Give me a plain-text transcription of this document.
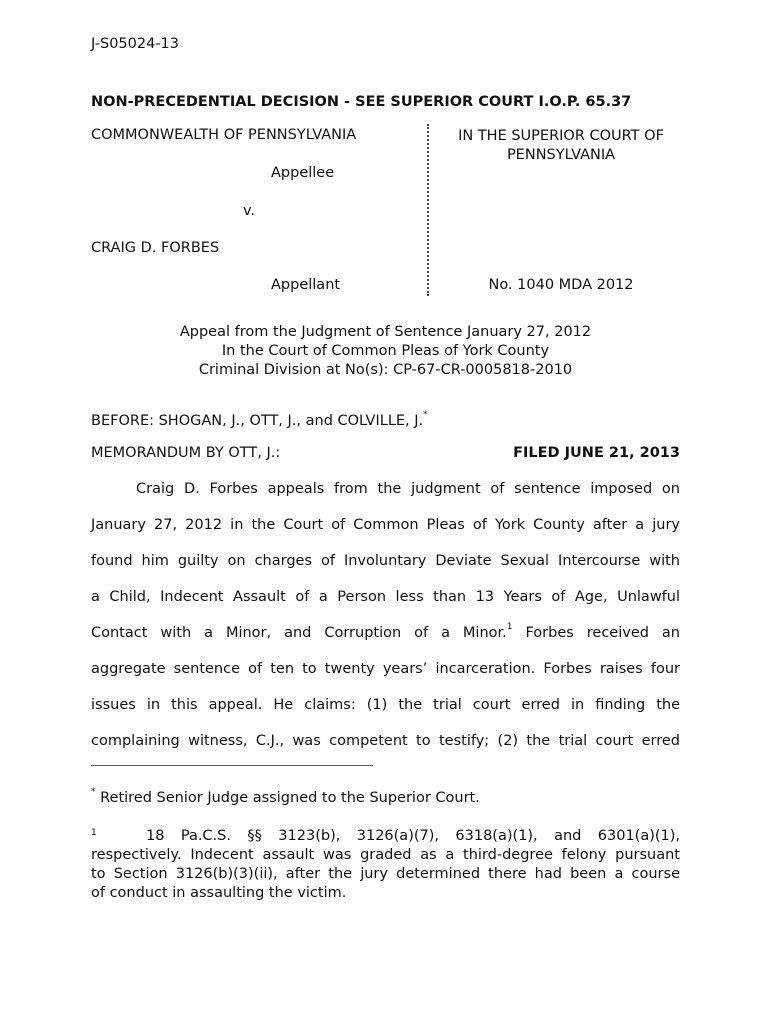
J-S05024-13
NON-PRECEDENTIAL DECISION - SEE SUPERIOR COURT I.O.P. 65.37
COMMONWEALTH OF PENNSYLVANIA
Appellee
v.
CRAIG D. FORBES
Appellant
IN THE SUPERIOR COURT OF
PENNSYLVANIA
No. 1040 MDA 2012
Appeal from the Judgment of Sentence January 27, 2012
In the Court of Common Pleas of York County
Criminal Division at No(s): CP-67-CR-0005818-2010
BEFORE: SHOGAN, J., OTT, J., and COLVILLE, J.*
MEMORANDUM BY OTT, J.:	FILED JUNE 21, 2013
Craig D. Forbes appeals from the judgment of sentence imposed on
January 27, 2012 in the Court of Common Pleas of York County after a jury
found him guilty on charges of Involuntary Deviate Sexual Intercourse with
a Child, Indecent Assault of a Person less than 13 Years of Age, Unlawful
Contact with a Minor, and Corruption of a Minor.$^1$ Forbes received an
aggregate sentence of ten to twenty years’ incarceration. Forbes raises four
issues in this appeal. He claims: (1) the trial court erred in finding the
complaining witness, C.J., was competent to testify; (2) the trial court erred
* Retired Senior Judge assigned to the Superior Court.
$^1$	18 Pa.C.S. §§ 3123(b), 3126(a)(7), 6318(a)(1), and 6301(a)(1),
respectively. Indecent assault was graded as a third-degree felony pursuant
to Section 3126(b)(3)(ii), after the jury determined there had been a course
of conduct in assaulting the victim.
